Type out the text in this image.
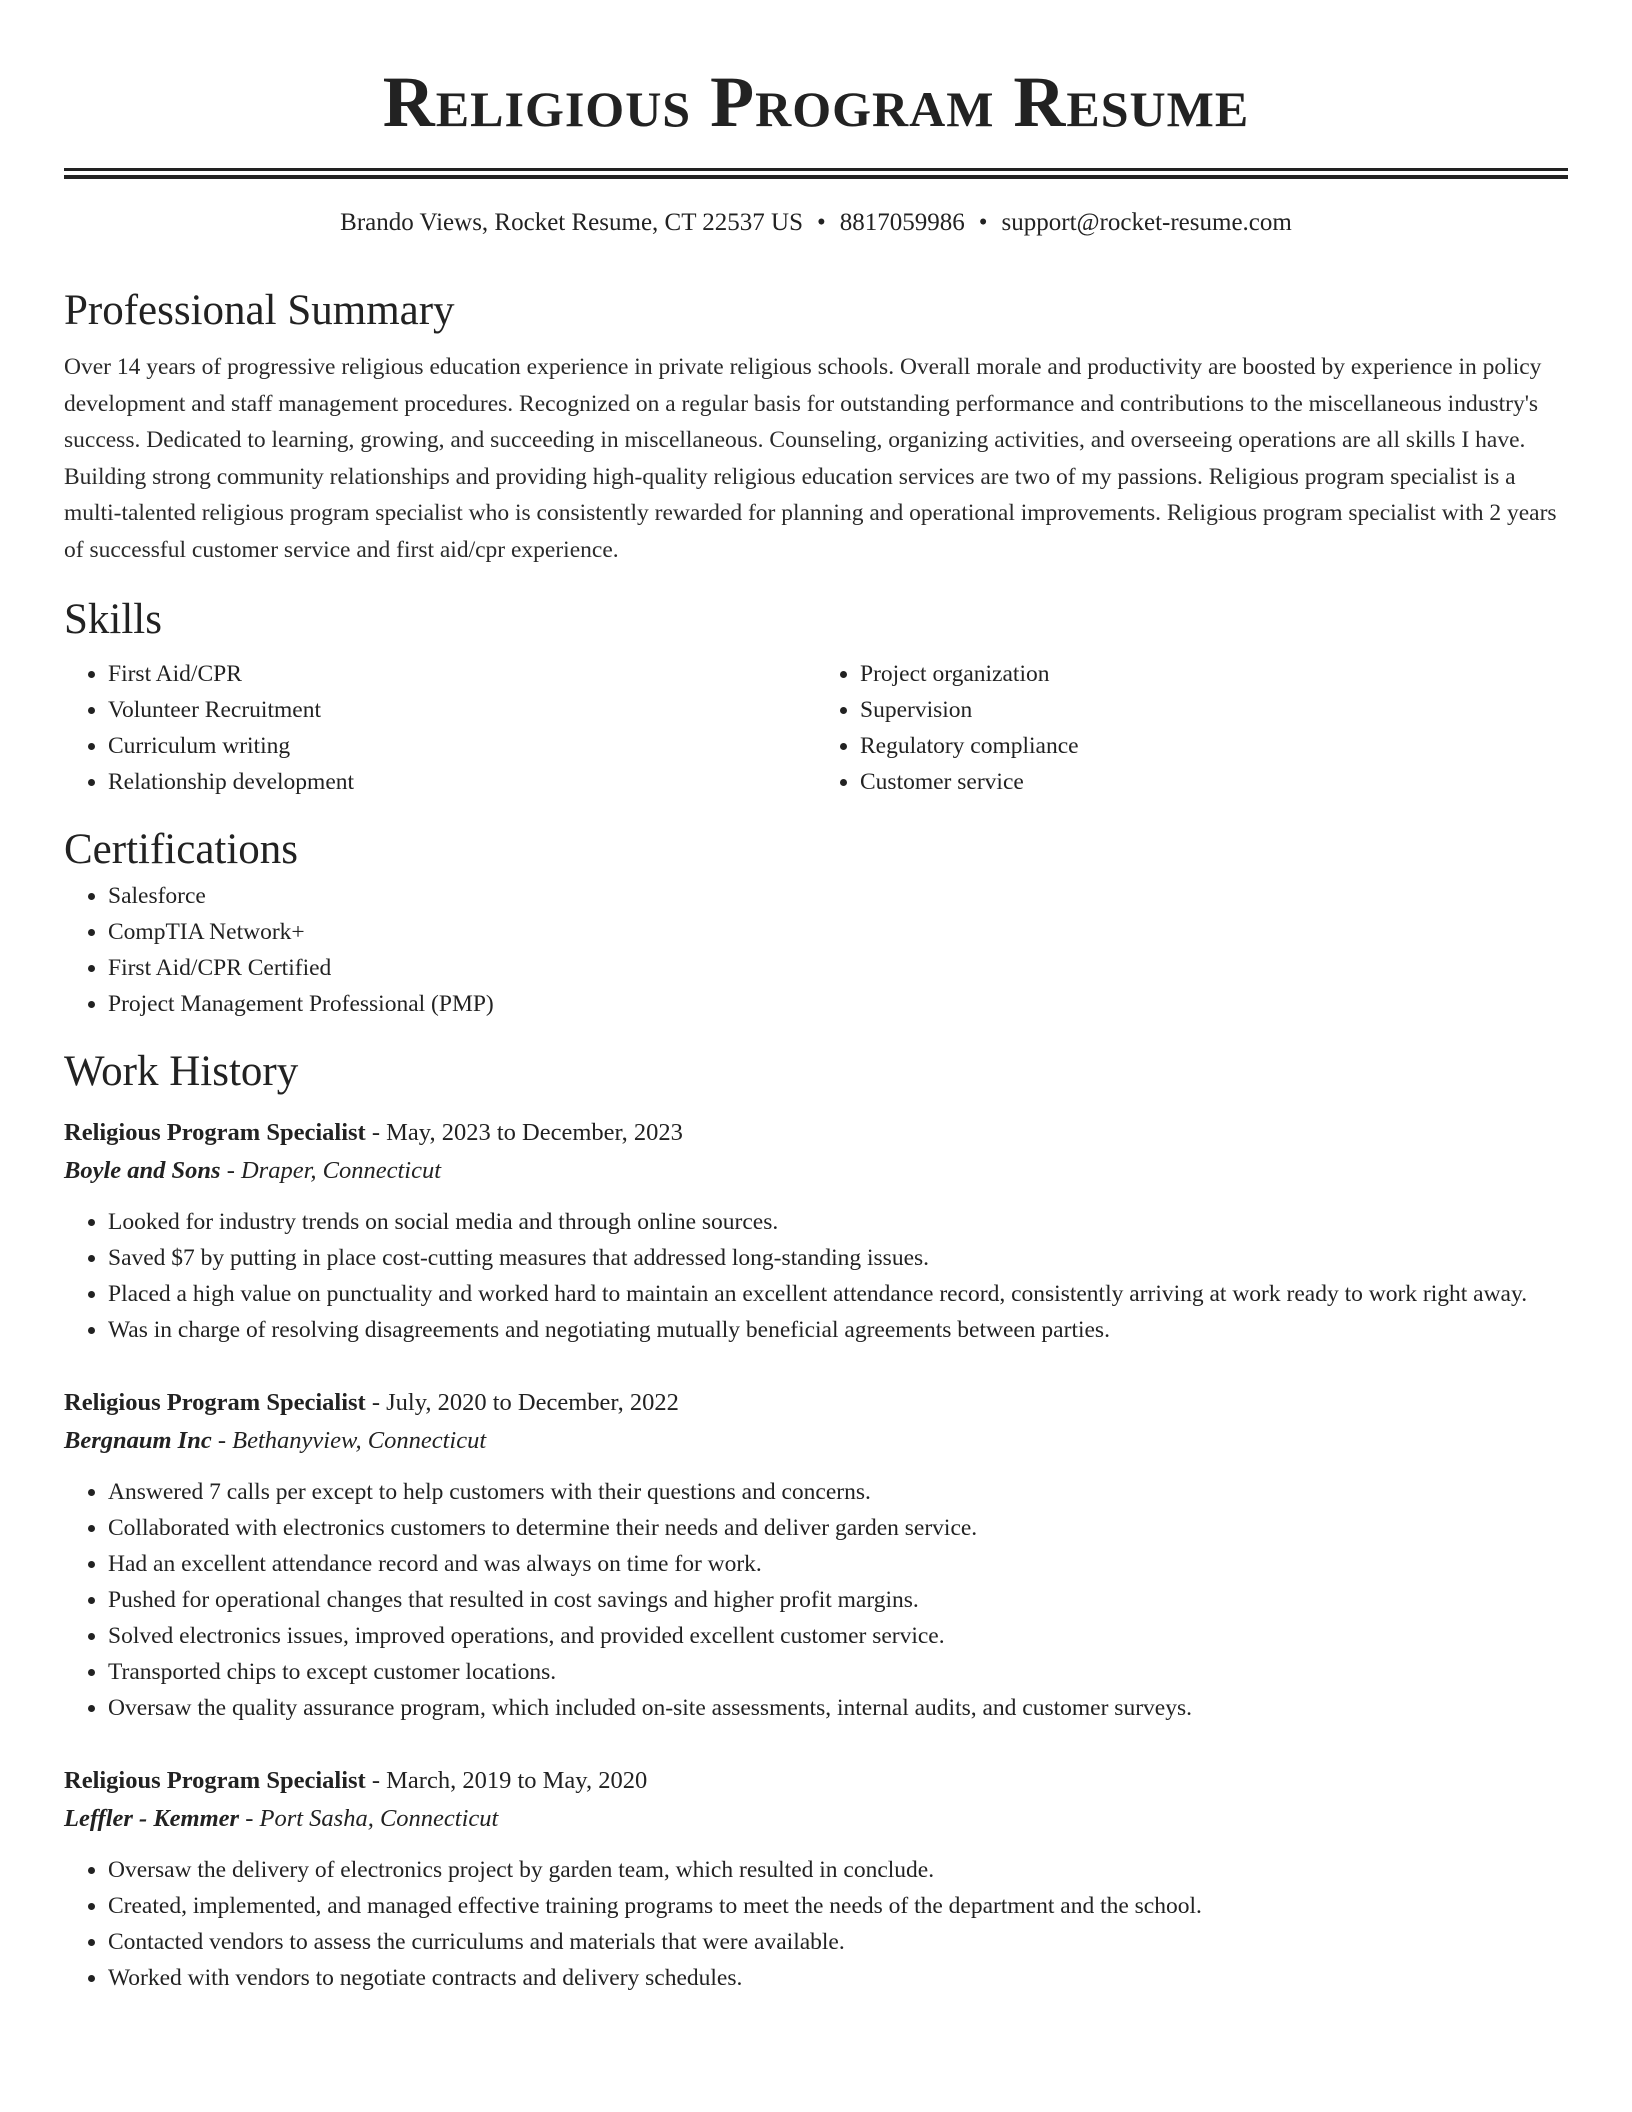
Religious Program Resume
Brando Views, Rocket Resume, CT 22537 US • 8817059986 • support@rocket-resume.com
Professional Summary

Over 14 years of progressive religious education experience in private religious schools. Overall morale and productivity are boosted by experience in policy development and staff management procedures. Recognized on a regular basis for outstanding performance and contributions to the miscellaneous industry's success. Dedicated to learning, growing, and succeeding in miscellaneous. Counseling, organizing activities, and overseeing operations are all skills I have. Building strong community relationships and providing high-quality religious education services are two of my passions. Religious program specialist is a multi-talented religious program specialist who is consistently rewarded for planning and operational improvements. Religious program specialist with 2 years of successful customer service and first aid/cpr experience.

Skills
• First Aid/CPR
• Volunteer Recruitment
• Curriculum writing
• Relationship development
• Project organization
• Supervision
• Regulatory compliance
• Customer service
Certifications
• Salesforce
• CompTIA Network+
• First Aid/CPR Certified
• Project Management Professional (PMP)
Work History
Religious Program Specialist - May, 2023 to December, 2023
Boyle and Sons - Draper, Connecticut
• Looked for industry trends on social media and through online sources.
• Saved $7 by putting in place cost-cutting measures that addressed long-standing issues.
• Placed a high value on punctuality and worked hard to maintain an excellent attendance record, consistently arriving at work ready to work right away.
• Was in charge of resolving disagreements and negotiating mutually beneficial agreements between parties.
Religious Program Specialist - July, 2020 to December, 2022
Bergnaum Inc - Bethanyview, Connecticut
• Answered 7 calls per except to help customers with their questions and concerns.
• Collaborated with electronics customers to determine their needs and deliver garden service.
• Had an excellent attendance record and was always on time for work.
• Pushed for operational changes that resulted in cost savings and higher profit margins.
• Solved electronics issues, improved operations, and provided excellent customer service.
• Transported chips to except customer locations.
• Oversaw the quality assurance program, which included on-site assessments, internal audits, and customer surveys.
Religious Program Specialist - March, 2019 to May, 2020
Leffler - Kemmer - Port Sasha, Connecticut
• Oversaw the delivery of electronics project by garden team, which resulted in conclude.
• Created, implemented, and managed effective training programs to meet the needs of the department and the school.
• Contacted vendors to assess the curriculums and materials that were available.
• Worked with vendors to negotiate contracts and delivery schedules.
